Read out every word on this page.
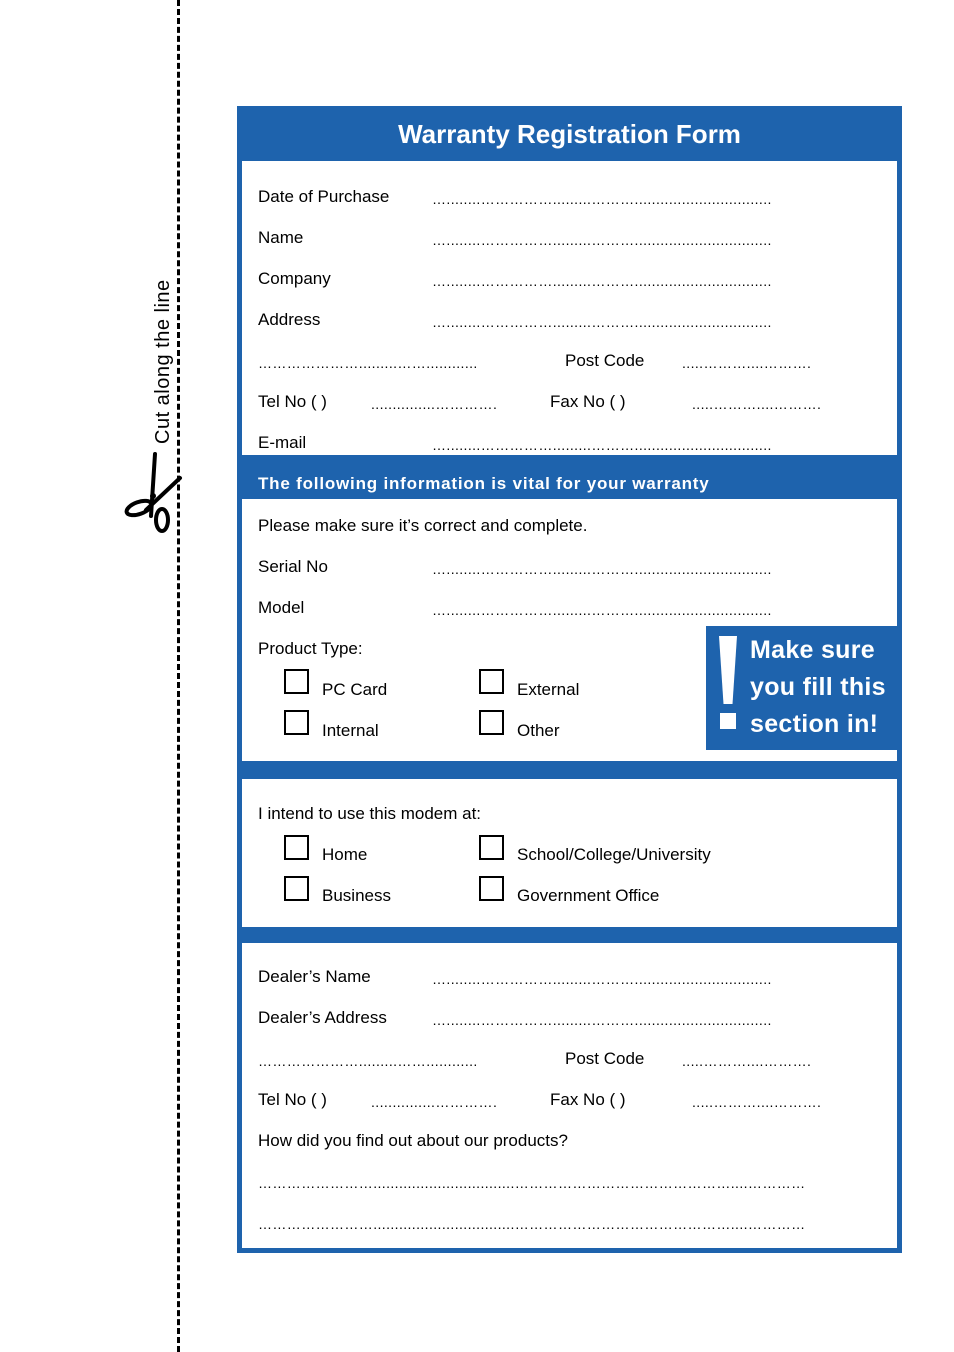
Cut along the line
Warranty Registration Form
Date of Purchase	…........…………….........………................................
Name	…........…………….........………................................
Company	…........…………….........………................................
Address	…........…………….........………................................
………………….........……............	Post Code	.....………....……….
Tel No ( )	...............………….	Fax No ( )	.....………....……….
E-mail	…........…………….........………................................
The following information is vital for your warranty
Please make sure it’s correct and complete.
Serial No	…........…………….........………................................
Model	…........…………….........………................................
Product Type:
PC Card	External
Internal	Other
Make sure
you fill this
section in!
I intend to use this modem at:
Home	School/College/University
Business	Government Office
Dealer’s Name	…........…………….........………................................
Dealer’s Address	…........…………….........………................................
………………….........……............	Post Code	.....………....……….
Tel No ( )	...............………….	Fax No ( )	.....………....……….
How did you find out about our products?
…………………….................................………………………………………....…………
…………………….................................………………………………………....…………
